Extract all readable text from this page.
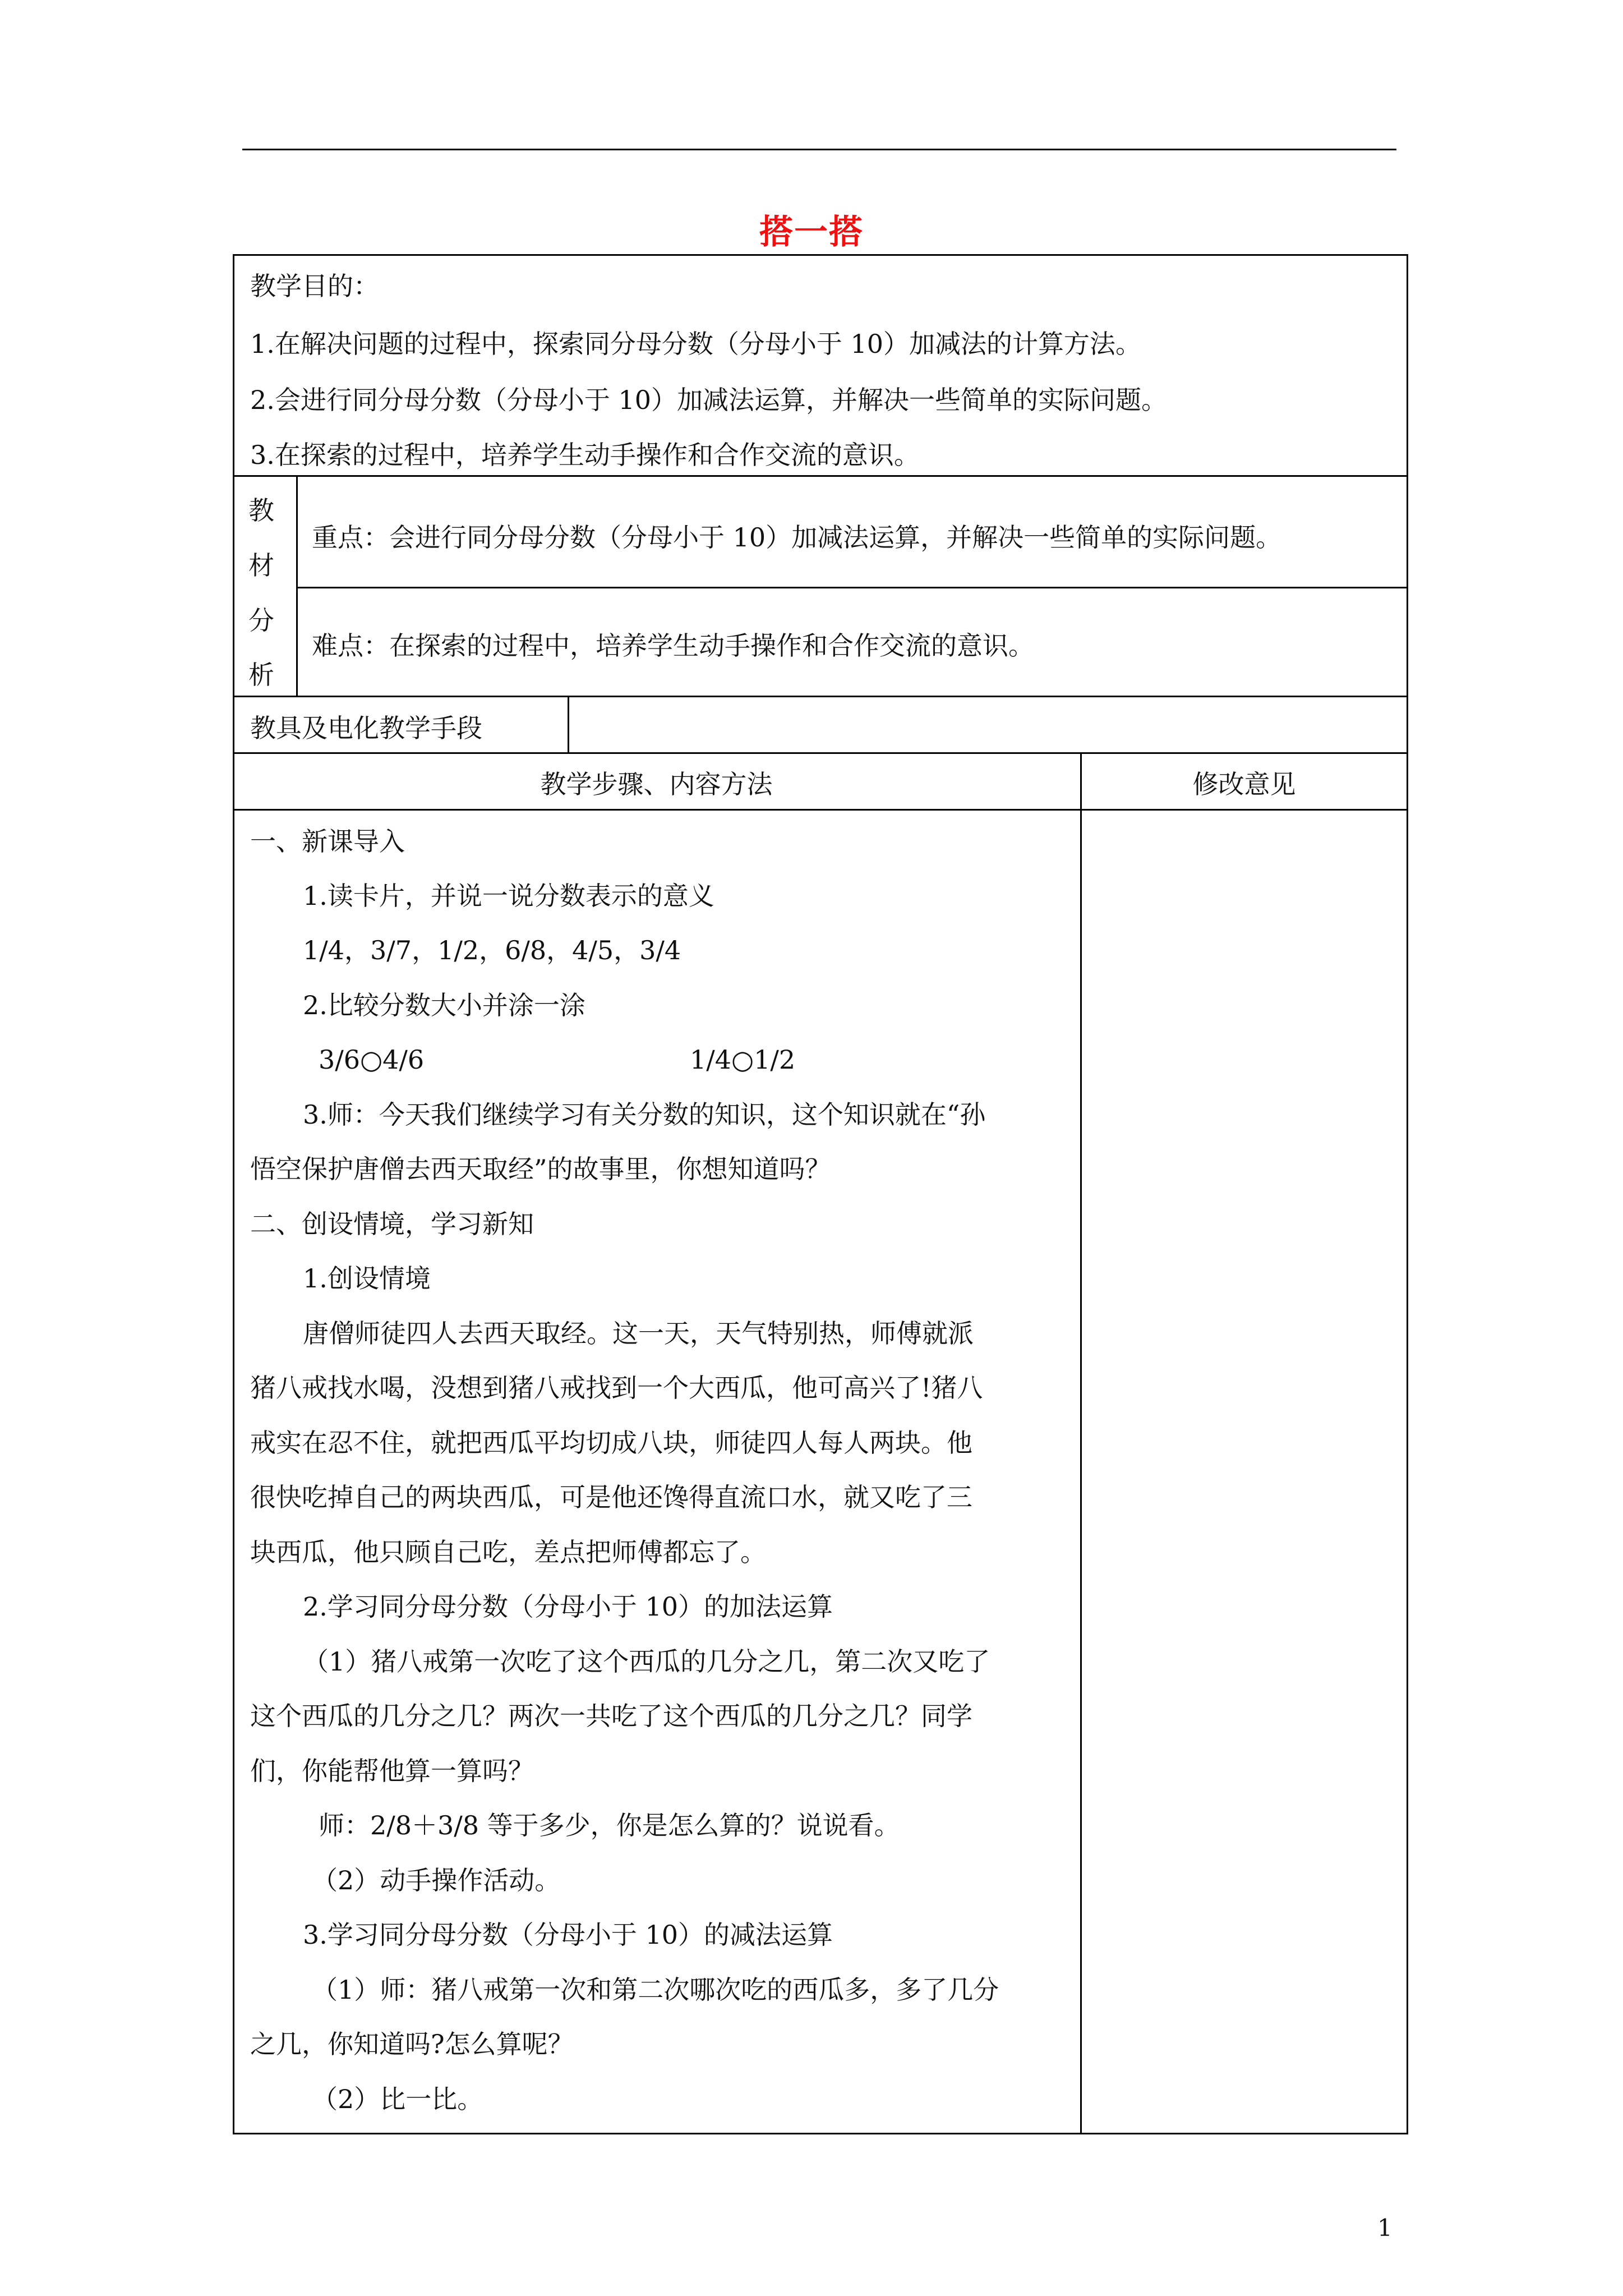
搭一搭
教学目的：
1.在解决问题的过程中，探索同分母分数（分母小于 10）加减法的计算方法。
2.会进行同分母分数（分母小于 10）加减法运算，并解决一些简单的实际问题。
3.在探索的过程中，培养学生动手操作和合作交流的意识。
教
材
分
析
重点：会进行同分母分数（分母小于 10）加减法运算，并解决一些简单的实际问题。
难点：在探索的过程中，培养学生动手操作和合作交流的意识。
教具及电化教学手段
教学步骤、内容方法	修改意见
一、新课导入
1.读卡片，并说一说分数表示的意义
1/4，3/7，1/2，6/8，4/5，3/4
2.比较分数大小并涂一涂
3/6○4/6	1/4○1/2
3.师：今天我们继续学习有关分数的知识，这个知识就在“孙
悟空保护唐僧去西天取经”的故事里，你想知道吗？
二、创设情境，学习新知
1.创设情境
唐僧师徒四人去西天取经。这一天，天气特别热，师傅就派
猪八戒找水喝，没想到猪八戒找到一个大西瓜，他可高兴了!猪八
戒实在忍不住，就把西瓜平均切成八块，师徒四人每人两块。他
很快吃掉自己的两块西瓜，可是他还馋得直流口水，就又吃了三
块西瓜，他只顾自己吃，差点把师傅都忘了。
2.学习同分母分数（分母小于 10）的加法运算
（1）猪八戒第一次吃了这个西瓜的几分之几，第二次又吃了
这个西瓜的几分之几？两次一共吃了这个西瓜的几分之几？同学
们，你能帮他算一算吗？
师：2/8＋3/8 等于多少，你是怎么算的？说说看。
（2）动手操作活动。
3.学习同分母分数（分母小于 10）的减法运算
（1）师：猪八戒第一次和第二次哪次吃的西瓜多，多了几分
之几，你知道吗?怎么算呢？
（2）比一比。
1
